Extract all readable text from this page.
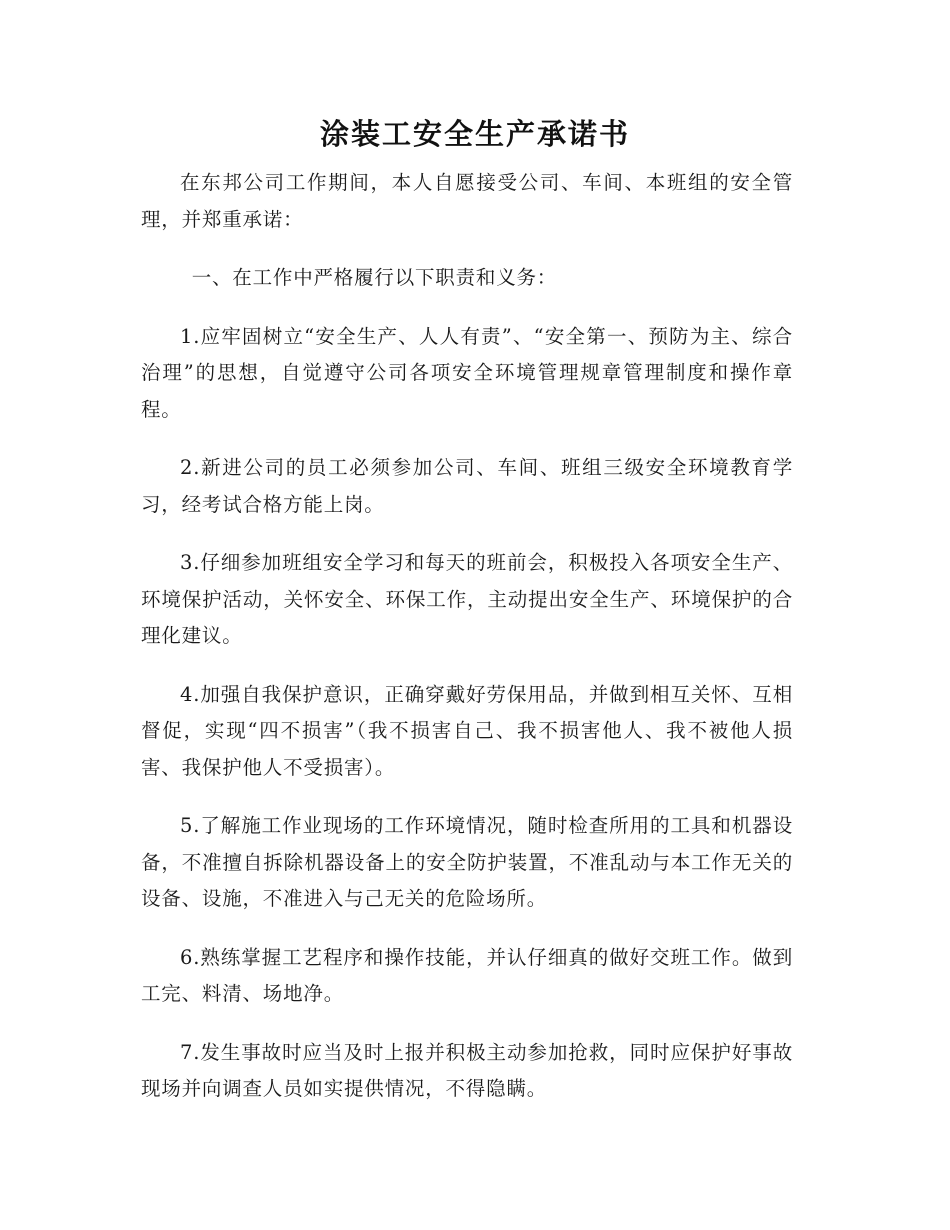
涂装工安全生产承诺书

在东邦公司工作期间，本人自愿接受公司、车间、本班组的安全管理，并郑重承诺：

一、在工作中严格履行以下职责和义务：

1.应牢固树立“安全生产、人人有责”、“安全第一、预防为主、综合治理”的思想，自觉遵守公司各项安全环境管理规章管理制度和操作章程。

2.新进公司的员工必须参加公司、车间、班组三级安全环境教育学习，经考试合格方能上岗。

3.仔细参加班组安全学习和每天的班前会，积极投入各项安全生产、环境保护活动，关怀安全、环保工作，主动提出安全生产、环境保护的合理化建议。

4.加强自我保护意识，正确穿戴好劳保用品，并做到相互关怀、互相督促，实现“四不损害”（我不损害自己、我不损害他人、我不被他人损害、我保护他人不受损害）。

5.了解施工作业现场的工作环境情况，随时检查所用的工具和机器设备，不准擅自拆除机器设备上的安全防护装置，不准乱动与本工作无关的设备、设施，不准进入与己无关的危险场所。

6.熟练掌握工艺程序和操作技能，并认仔细真的做好交班工作。做到工完、料清、场地净。

7.发生事故时应当及时上报并积极主动参加抢救，同时应保护好事故现场并向调查人员如实提供情况，不得隐瞒。
